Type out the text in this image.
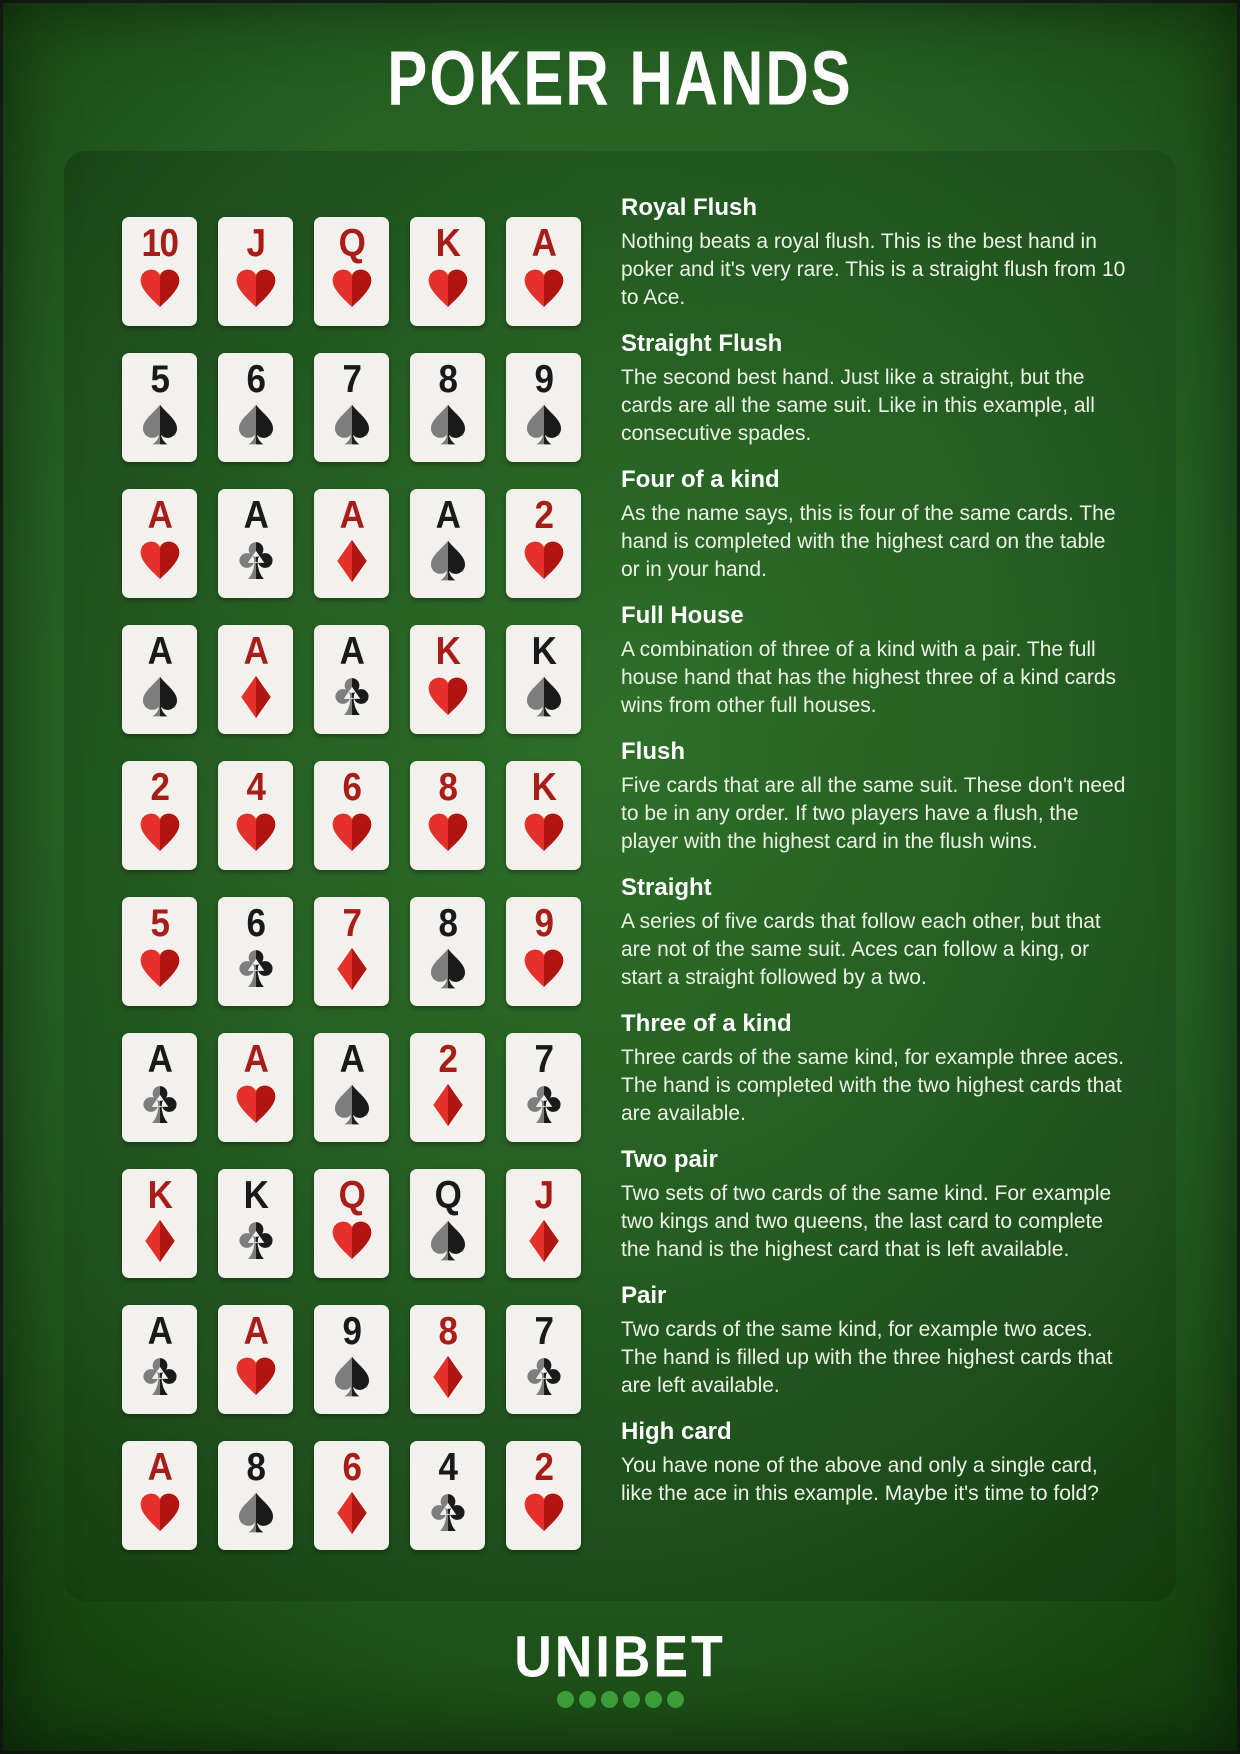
POKER HANDS
10 J Q K A
Royal Flush

Nothing beats a royal flush. This is the best hand in poker and it's very rare. This is a straight flush from 10 to Ace.

5 6 7 8 9
Straight Flush

The second best hand. Just like a straight, but the cards are all the same suit. Like in this example, all consecutive spades.

A A A A 2
Four of a kind

As the name says, this is four of the same cards. The hand is completed with the highest card on the table or in your hand.

A A A K K
Full House

A combination of three of a kind with a pair. The full house hand that has the highest three of a kind cards wins from other full houses.

2 4 6 8 K
Flush

Five cards that are all the same suit. These don't need to be in any order. If two players have a flush, the player with the highest card in the flush wins.

5 6 7 8 9
Straight

A series of five cards that follow each other, but that are not of the same suit. Aces can follow a king, or start a straight followed by a two.

A A A 2 7
Three of a kind

Three cards of the same kind, for example three aces. The hand is completed with the two highest cards that are available.

K K Q Q J
Two pair

Two sets of two cards of the same kind. For example two kings and two queens, the last card to complete the hand is the highest card that is left available.

A A 9 8 7
Pair

Two cards of the same kind, for example two aces. The hand is filled up with the three highest cards that are left available.

A 8 6 4 2
High card

You have none of the above and only a single card, like the ace in this example. Maybe it's time to fold?

UNIBET
